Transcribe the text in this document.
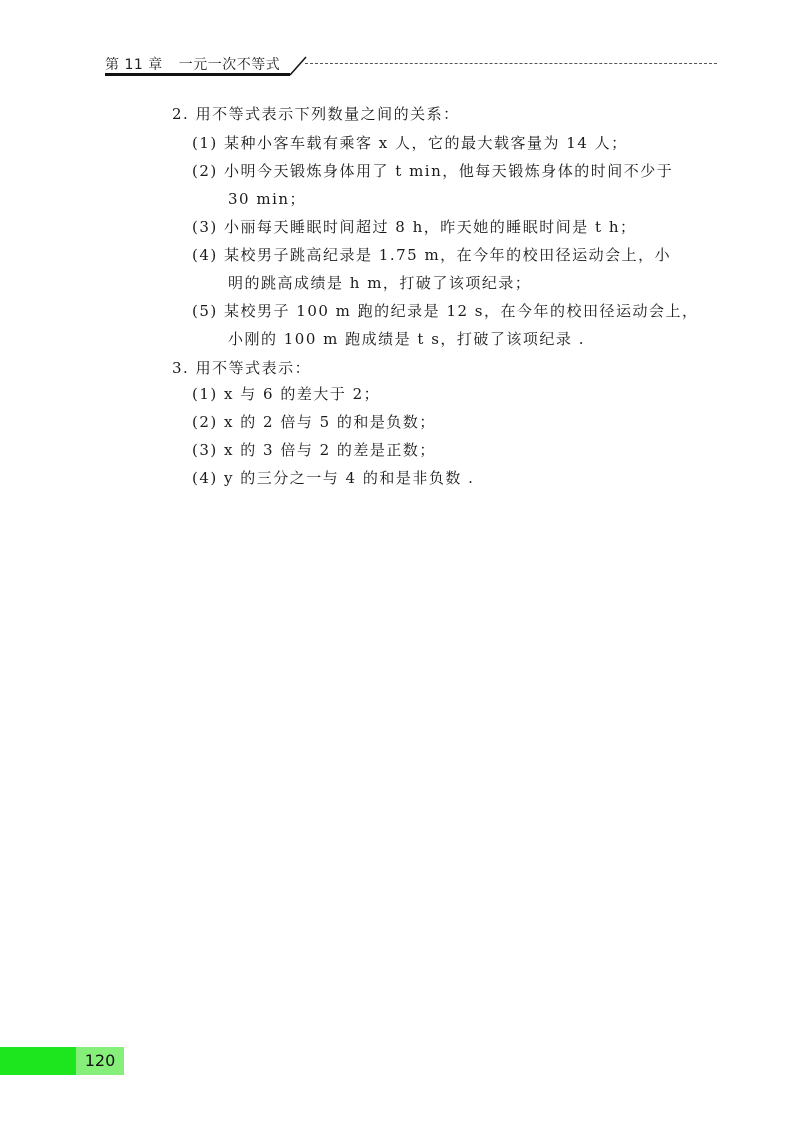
第 11 章 一元一次不等式
2. 用不等式表示下列数量之间的关系：
(1) 某种小客车载有乘客 x 人，它的最大载客量为 14 人；
(2) 小明今天锻炼身体用了 t min，他每天锻炼身体的时间不少于
30 min；
(3) 小丽每天睡眠时间超过 8 h，昨天她的睡眠时间是 t h；
(4) 某校男子跳高纪录是 1.75 m，在今年的校田径运动会上，小
明的跳高成绩是 h m，打破了该项纪录；
(5) 某校男子 100 m 跑的纪录是 12 s，在今年的校田径运动会上，
小刚的 100 m 跑成绩是 t s，打破了该项纪录 .
3. 用不等式表示：
(1) x 与 6 的差大于 2；
(2) x 的 2 倍与 5 的和是负数；
(3) x 的 3 倍与 2 的差是正数；
(4) y 的三分之一与 4 的和是非负数 .
120
